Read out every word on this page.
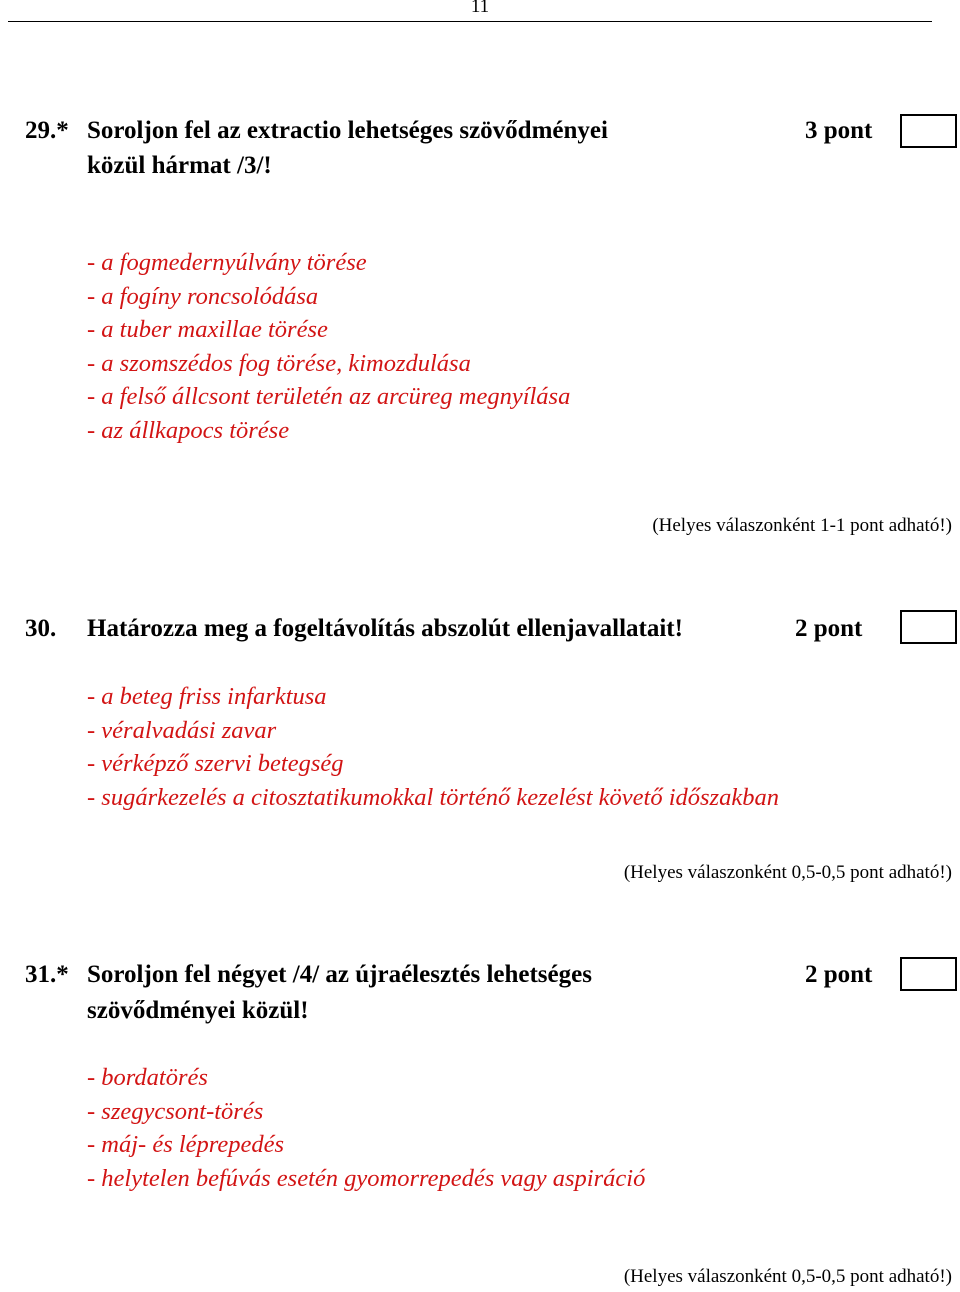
11
29.* Soroljon fel az extractio lehetséges szövődményei
közül hármat /3/!
3 pont
- a fogmedernyúlvány törése
- a fogíny roncsolódása
- a tuber maxillae törése
- a szomszédos fog törése, kimozdulása
- a felső állcsont területén az arcüreg megnyílása
- az állkapocs törése
(Helyes válaszonként 1-1 pont adható!)
30. Határozza meg a fogeltávolítás abszolút ellenjavallatait!	2 pont
- a beteg friss infarktusa
- véralvadási zavar
- vérképző szervi betegség
- sugárkezelés a citosztatikumokkal történő kezelést követő időszakban
(Helyes válaszonként 0,5-0,5 pont adható!)
31.* Soroljon fel négyet /4/ az újraélesztés lehetséges
szövődményei közül!
2 pont
- bordatörés
- szegycsont-törés
- máj- és léprepedés
- helytelen befúvás esetén gyomorrepedés vagy aspiráció
(Helyes válaszonként 0,5-0,5 pont adható!)
